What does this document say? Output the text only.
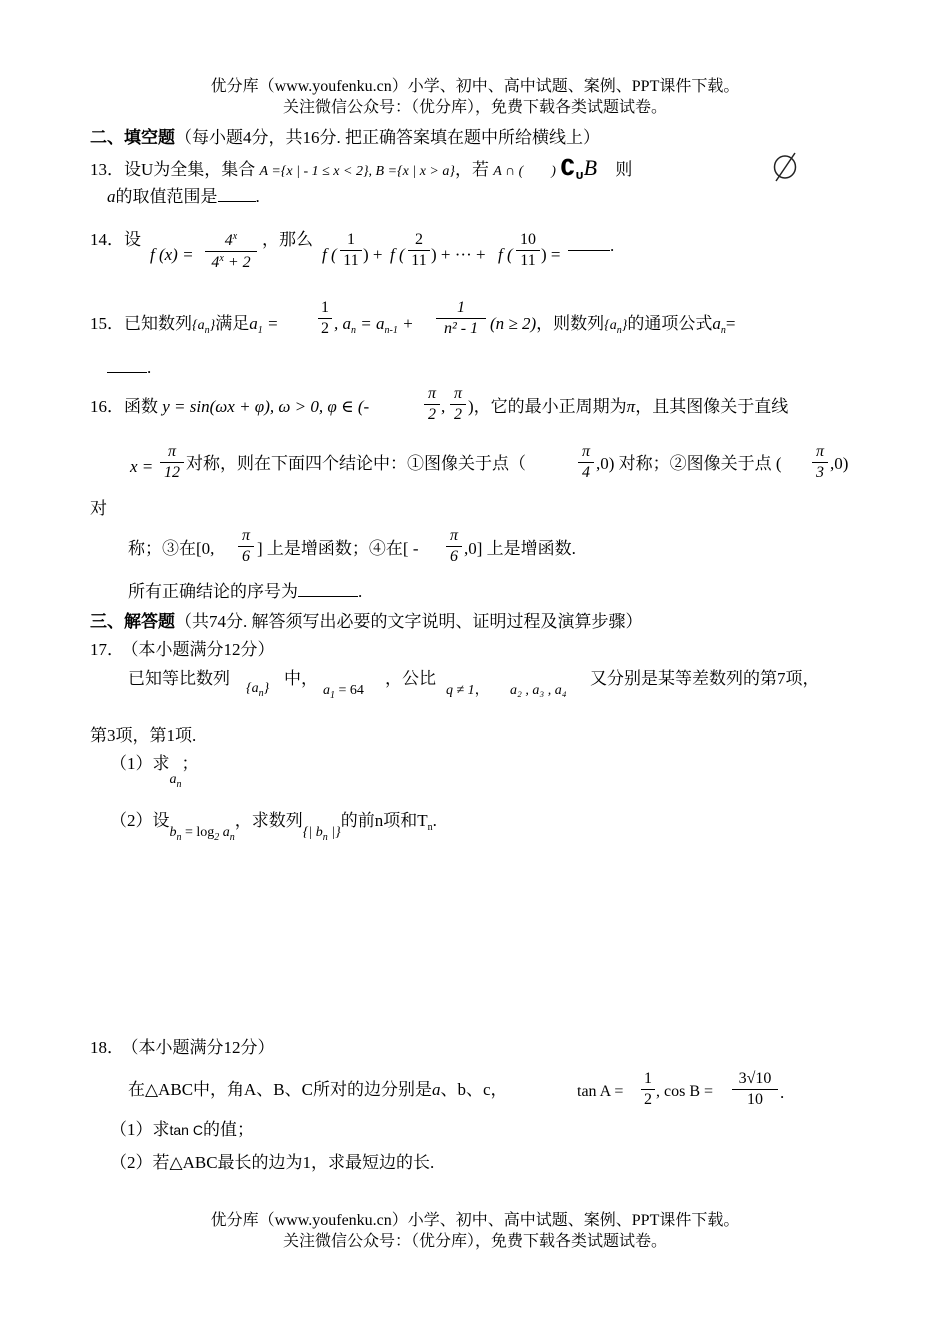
优分库（www.youfenku.cn）小学、初中、高中试题、案例、PPT课件下载。
关注微信公众号：（优分库），免费下载各类试题试卷。
二、填空题（每小题4分，共16分. 把正确答案填在题中所给横线上）
13．设U为全集，集合 A ={x | - 1 ≤ x < 2}, B ={x | x > a}，若 A ∩ (　　) $∁_UB$ 则
a的取值范围是 .
14．设
f (x) =
$4^x$
$4^x + 2$
，那么
f (
1
11 ) + f (
2
11 ) + ··· + f (
10
11 ) =	.
15．已知数列$\{a_n\}$满足$a_1$ =
1
2 , $a_n = a_{n-1}$ +
1
n² - 1 (n ≥ 2)，则数列$\{a_n\}$的通项公式$a_n=$
.
16．函数 y = sin(ωx + φ), ω > 0, φ ∈ (-
π
2 ,
π
2 )，它的最小正周期为π，且其图像关于直线
x =
π
12 对称，则在下面四个结论中：①图像关于点（
π
4 ,0) 对称；②图像关于点 (
π
3 ,0)
对
称；③在[0,
π
6 ] 上是增函数；④在[ -
π
6 ,0] 上是增函数.
所有正确结论的序号为	.
三、解答题（共74分. 解答须写出必要的文字说明、证明过程及演算步骤）
17． （本小题满分12分）
已知等比数列
$\{a_n\}$
中，
$a_1 = 64$
，公比
q ≠ 1， a₂ , a₃ , a₄
又分别是某等差数列的第7项，
第3项，第1项.
（1）求$a_n$；
（2）设$b_n = \log_2 a_n$，求数列{| $b_n$ |}的前n项和$T_n$.
18． （本小题满分12分）
在△ABC中，角A、B、C所对的边分别是a、b、c，	tan A =
1
2 , cos B =
3√10
10	.
（1）求tan C的值；
（2）若△ABC最长的边为1，求最短边的长.
优分库（www.youfenku.cn）小学、初中、高中试题、案例、PPT课件下载。
关注微信公众号：（优分库），免费下载各类试题试卷。
